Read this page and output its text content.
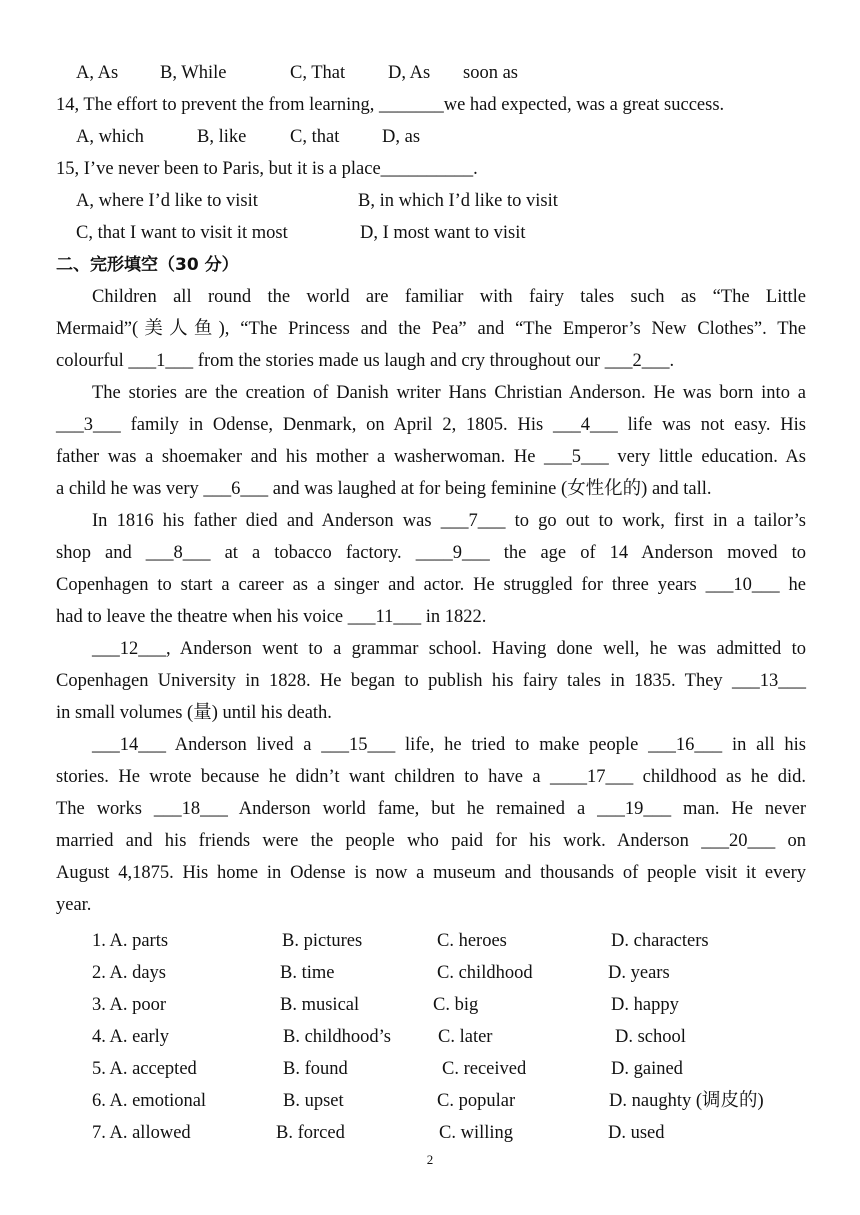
A, As B, While	C, That D, As soon as
14, The effort to prevent the from learning, _______we had expected, was a great success.
A, which	B, like C, that D, as
15, I’ve never been to Paris, but it is a place__________.
A, where I’d like to visit	B, in which I’d like to visit
C, that I want to visit it most	D, I most want to visit
二、完形填空（30 分）
Children all round the world are familiar with fairy tales such as “The Little
Mermaid”(美人鱼), “The Princess and the Pea” and “The Emperor’s New Clothes”. The
colourful ___1___ from the stories made us laugh and cry throughout our ___2___.
The stories are the creation of Danish writer Hans Christian Anderson. He was born into a
___3___ family in Odense, Denmark, on April 2, 1805. His ___4___ life was not easy. His
father was a shoemaker and his mother a washerwoman. He ___5___ very little education. As
a child he was very ___6___ and was laughed at for being feminine (女性化的) and tall.
In 1816 his father died and Anderson was ___7___ to go out to work, first in a tailor’s
shop and ___8___ at a tobacco factory. ____9___ the age of 14 Anderson moved to
Copenhagen to start a career as a singer and actor. He struggled for three years ___10___ he
had to leave the theatre when his voice ___11___ in 1822.
___12___, Anderson went to a grammar school. Having done well, he was admitted to
Copenhagen University in 1828. He began to publish his fairy tales in 1835. They ___13___
in small volumes (量) until his death.
___14___ Anderson lived a ___15___ life, he tried to make people ___16___ in all his
stories. He wrote because he didn’t want children to have a ____17___ childhood as he did.
The works ___18___ Anderson world fame, but he remained a ___19___ man. He never
married and his friends were the people who paid for his work. Anderson ___20___ on
August 4,1875. His home in Odense is now a museum and thousands of people visit it every
year.
1. A. parts	B. pictures	C. heroes	D. characters
2. A. days	B. time	C. childhood	D. years
3. A. poor	B. musical	C. big	D. happy
4. A. early	B. childhood’s	C. later	D. school
5. A. accepted	B. found	C. received	D. gained
6. A. emotional	B. upset	C. popular	D. naughty (调皮的)
7. A. allowed	B. forced	C. willing	D. used
2
